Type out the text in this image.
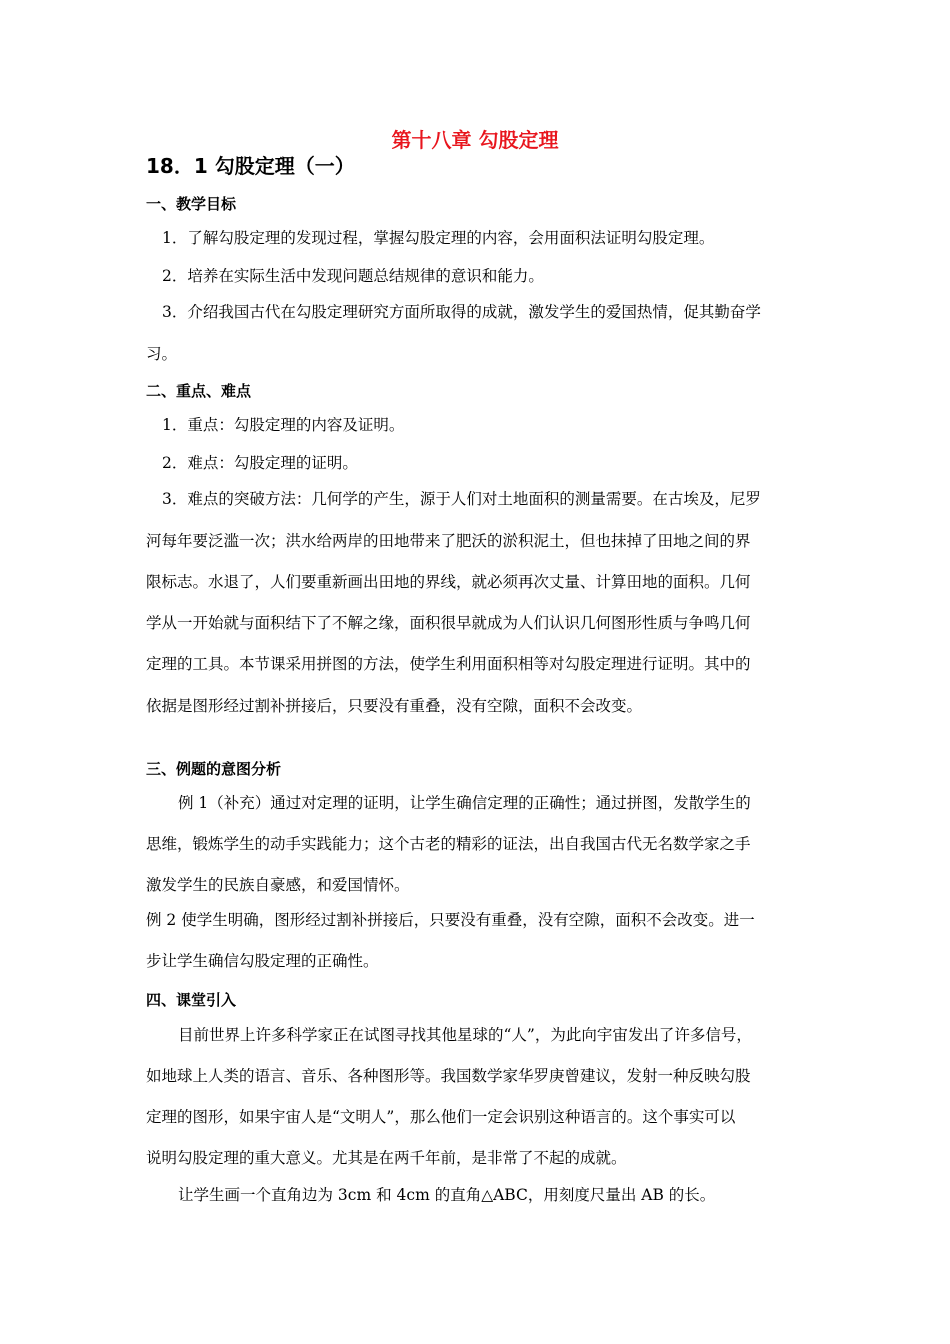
第十八章 勾股定理
18．1 勾股定理（一）
一、教学目标
1．了解勾股定理的发现过程，掌握勾股定理的内容，会用面积法证明勾股定理。
2．培养在实际生活中发现问题总结规律的意识和能力。
3．介绍我国古代在勾股定理研究方面所取得的成就，激发学生的爱国热情，促其勤奋学
习。
二、重点、难点
1．重点：勾股定理的内容及证明。
2．难点：勾股定理的证明。
3．难点的突破方法：几何学的产生，源于人们对土地面积的测量需要。在古埃及，尼罗
河每年要泛滥一次；洪水给两岸的田地带来了肥沃的淤积泥土，但也抹掉了田地之间的界
限标志。水退了，人们要重新画出田地的界线，就必须再次丈量、计算田地的面积。几何
学从一开始就与面积结下了不解之缘，面积很早就成为人们认识几何图形性质与争鸣几何
定理的工具。本节课采用拼图的方法，使学生利用面积相等对勾股定理进行证明。其中的
依据是图形经过割补拼接后，只要没有重叠，没有空隙，面积不会改变。
三、例题的意图分析
例 1（补充）通过对定理的证明，让学生确信定理的正确性；通过拼图，发散学生的
思维，锻炼学生的动手实践能力；这个古老的精彩的证法，出自我国古代无名数学家之手
激发学生的民族自豪感，和爱国情怀。
例 2 使学生明确，图形经过割补拼接后，只要没有重叠，没有空隙，面积不会改变。进一
步让学生确信勾股定理的正确性。
四、课堂引入
目前世界上许多科学家正在试图寻找其他星球的“人”，为此向宇宙发出了许多信号，
如地球上人类的语言、音乐、各种图形等。我国数学家华罗庚曾建议，发射一种反映勾股
定理的图形，如果宇宙人是“文明人”，那么他们一定会识别这种语言的。这个事实可以
说明勾股定理的重大意义。尤其是在两千年前，是非常了不起的成就。
让学生画一个直角边为 3cm 和 4cm 的直角△ABC，用刻度尺量出 AB 的长。
